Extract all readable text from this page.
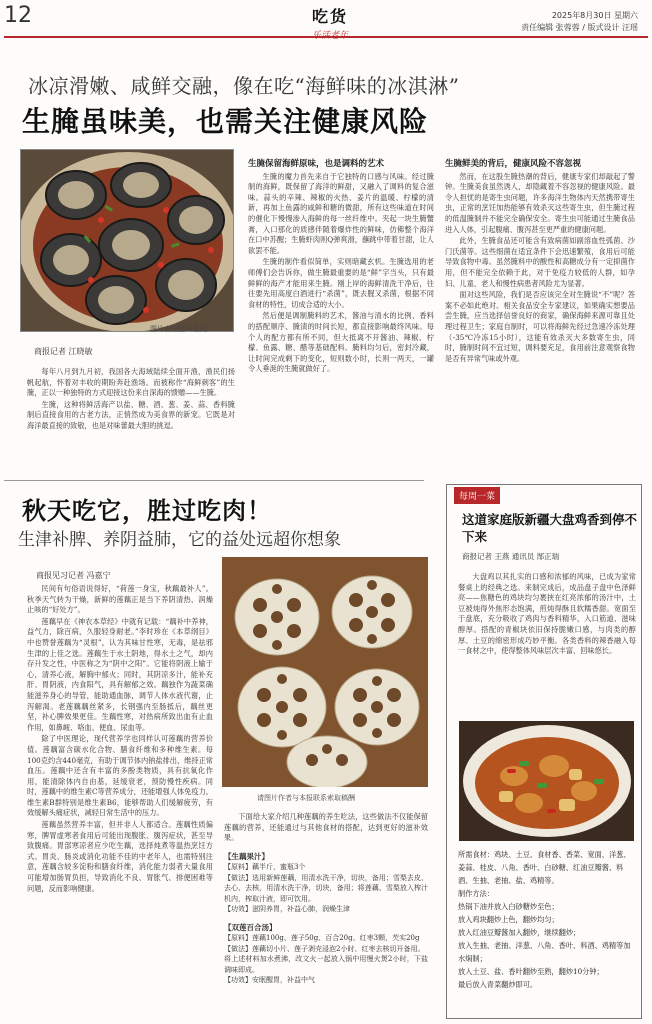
12	吃货	2025年8月30日 星期六
责任编辑 张蓉蓉 / 版式设计 汪瑶
冰凉滑嫩、咸鲜交融，像在吃“海鲜味的冰淇淋”
生腌虽味美，也需关注健康风险
图片由豆包AI生成
商报记者 江晓敏

每年八月到九月初，我国各大海域陆续全面开渔，渔民们扬帆起航，怀着对丰收的期盼奔赴渔场。而被称作“海鲜刺客”的生腌，正以一种独特的方式迎接这份来自深海的馈赠——生腌。

生腌，这种将鲜活海产以盐、糖、酒、葱、姜、蒜、香料腌制后直接食用的古老方法，正悄然成为美食界的新宠。它既是对海洋最直接的致敬，也是对味蕾最大胆的挑逗。

生腌保留海鲜原味，也是调料的艺术

生腌的魔力首先来自于它独特的口感与风味。经过腌制的海鲜，既保留了海洋的鲜甜，又融入了调料的复合滋味。蒜头的辛辣、辣椒的火热、姜片的温暖、柠檬的清新，再加上鱼露的咸鲜和糖的微甜，所有这些味道在时间的催化下慢慢渗入海鲜的每一丝纤维中。夹起一块生腌蟹膏，入口那化的质感伴随着爆炸性的鲜味，仿佛整个海洋在口中苏醒；生腌虾肉则Q弹爽滑，蘸跳中带着甘甜，让人欲罢不能。

生腌的制作看似简单，实则暗藏玄机。生腌选用的老师傅们会告诉你，做生腌最重要的是“鲜”字当头，只有最鲜鲜的海产才能用来生腌。刚上岸的海鲜清洗干净后，往往要先用高度白酒进行“杀菌”，既去腥又杀菌，根据不同食材的特性，切成合适的大小。

然后便是调制腌料的艺术，酱油与清水的比例、香料的搭配顺序、腌渍的时间长短，都直接影响最终风味。每个人的配方都有所不同，但大抵离不开酱油、辣椒、柠檬、鱼露、糖、醋等基础配料。腌料均匀后，密封冷藏，让时间完成剩下的变化，短则数小时，长则一两天，一罐令人垂涎的生腌就做好了。

生腌鲜美的背后，健康风险不容忽视

然而，在这股生腌热潮的背后，健康专家们却敲起了警钟。生腌美食虽然诱人，却隐藏着不容忽视的健康风险。最令人担忧的是寄生虫问题，许多海洋生物体内天然携带寄生虫，正常的烹饪加热能够有效杀灭这些寄生虫，但生腌过程的低温腌制并不能完全确保安全。寄生虫可能通过生腌食品进入人体，引起腹痛、腹泻甚至更严重的健康问题。

此外，生腌食品还可能含有致病菌如副溶血性弧菌、沙门氏菌等。这些细菌在适宜条件下会迅速繁殖，食用后可能导致食物中毒。虽然腌料中的酸性和高糖成分有一定抑菌作用，但不能完全依赖于此，对于免疫力较低的人群，如孕妇、儿童、老人和慢性病患者风险尤为显著。

面对这些风险，我们是否应该完全对生腌说“不”呢？答案不必如此绝对。相关食品安全专家建议，如果确实想要品尝生腌，应当选择信誉良好的商家，确保海鲜来源可靠且处理过程卫生；家庭自制时，可以将海鲜先经过急速冷冻处理（-35℃冷冻15小时），这能有效杀灭大多数寄生虫，同时，腌制时间不宜过短，调料要充足，食用前注意观察食物是否有异常气味或外观。

秋天吃它，胜过吃肉！
生津补脾、养阴益肺，它的益处远超你想象
商报见习记者 冯嘉宁

民间有句俗语说得好，“荷莲一身宝，秋藕最补人”。秋季天气转为干燥，新鲜的莲藕正是当下养阴清热、润燥止咳的“好处方”。

莲藕早在《神农本草经》中就有记载：“藕补中养神，益气力，除百病，久服轻身耐老。”李时珍在《本草纲目》中也赞誉莲藕为“灵根”，认为其味甘性寒，无毒，是祛邪生津的上佳之选。莲藕生于水土阴地，得水土之气，却内存升发之性，中医称之为“阴中之阳”。它能将阴液上输于心，清养心液，解胸中郁火；同时，其阴凉多汁，能补充肝、胃阴液，内食阳气，具有解郁之效。藕独作为蔬菜确能滋养身心的导管，能助通血脉，调节人体水液代谢，止泻解渴。老莲藕藕丝紧多，长钢强内至肠抵后，藕丝更坚，补心脾效果更佳。生藕性寒，对热病所致出血有止血作用，如鼻衄、咯血、便血、尿血等。

除了中医理论，现代营养学也同样认可莲藕的营养价值。莲藕富含碳水化合物、膳食纤维和多种维生素。每100克约含440毫克，有助于调节体内钠盐排出，维持正常血压。莲藕中还含有丰富的多酚类物质，具有抗氧化作用，能清除体内自由基，延缓衰老，预防慢性疾病。同时，莲藕中的维生素C等营养成分，还能增强人体免疫力，维生素B群特别是维生素B6，能够帮助人们缓解疲劳，有效缓解头痛症状，减轻日常生活中的压力。

莲藕虽然营养丰富，但并非人人都适合。莲藕性质偏寒，脾胃虚寒者食用后可能出现腹胀、腹泻症状，甚至导致腹痛。胃部寒凉者应少吃生藕，选择炖煮等温热烹饪方式。胃炎、肠炎或消化功能不佳的中老年人，也需特别注意，莲藕含较多淀粉和膳食纤维，消化能力弱者大量食用可能增加肠胃负担，导致消化不良、胃胀气、排便困难等问题，反而影响健康。

请图片作者与本报联系索取稿酬

下面给大家介绍几种莲藕的养生吃法，这些做法不仅能保留莲藕的营养，还能通过与其他食材的搭配，达到更好的滋补效果。

【生藕果汁】
【原料】藕半斤，蜜瓶3个
【做法】选用新鲜莲藕，用清水洗干净，切块，备用；雪梨去皮、去心、去核，用清水洗干净，切块，备用；将莲藕、雪梨放入榨汁机内，榨取汁液，即可饮用。
【功效】滋阴养胃，补益心肺，润燥生津
【双莲百合汤】
【原料】莲藕100g、莲子50g、百合20g、红枣3颗、芡实20g
【做法】莲藕切小片、莲子剥壳浸泡2小时、红枣去核切开备用。
将上述材料加水煮沸，改文火一起放入锅中用慢火煲2小时，下盐调味即成。
【功效】安眠醒胃，补益中气
每周一菜
这道家庭版新疆大盘鸡香到停不下来
商报记者 王燕 通讯员 郜正瑞

大盘鸡以其扎实的口感和浓郁的风味，已成为家常餐桌上的经典之选。来制完成后，成品盘子盘中色泽鲜亮——焦糖色的鸡块均匀裹挟在红亮浓郁的汤汁中，土豆被炖得外焦形态饱满，煎炖得酥且软糯香甜。宽面至于盘底，充分吸收了鸡肉与香料精华，入口筋道、滋味醇厚。搭配的青椒块依旧保持脆嫩口感，与肉类的醇厚、土豆的绵密形成巧妙平衡。各类香料的辣香融入每一食材之中，使得整体风味层次丰富、回味悠长。

所需食材：鸡块、土豆、食材香、香菜、宽面、洋葱、姜蒜、桂皮、八角、香叶、白砂糖、红油豆瓣酱、料酒、生抽、老抽、盐、鸡精等。
制作方法：
热锅下油并放入白砂糖炒至色；
放入鸡块翻炒上色，翻炒均匀；
放入红油豆瓣酱加入翻炒，继续翻炒；
放入生抽、老抽、洋葱、八角、香叶、料酒、鸡精等加水焖制；
放入土豆、盐、香叶翻炒至熟，翻炒10分钟；
最后放入青菜翻炒即可。
